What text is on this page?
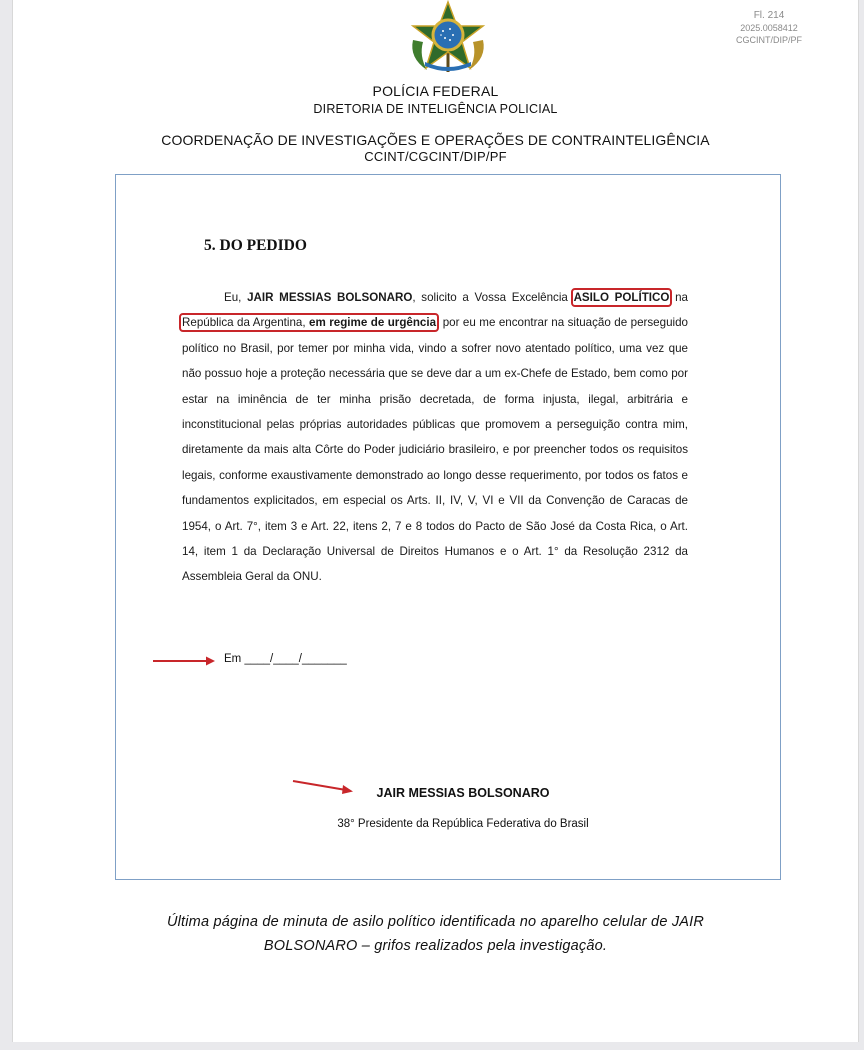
Fl. 214
2025.0058412
CGCINT/DIP/PF
POLÍCIA FEDERAL
DIRETORIA DE INTELIGÊNCIA POLICIAL
COORDENAÇÃO DE INVESTIGAÇÕES E OPERAÇÕES DE CONTRAINTELIGÊNCIA
CCINT/CGCINT/DIP/PF
5. DO PEDIDO
Eu, JAIR MESSIAS BOLSONARO, solicito a Vossa Excelência ASILO POLÍTICO na República da Argentina, em regime de urgência, por eu me encontrar na situação de perseguido político no Brasil, por temer por minha vida, vindo a sofrer novo atentado político, uma vez que não possuo hoje a proteção necessária que se deve dar a um ex-Chefe de Estado, bem como por estar na iminência de ter minha prisão decretada, de forma injusta, ilegal, arbitrária e inconstitucional pelas próprias autoridades públicas que promovem a perseguição contra mim, diretamente da mais alta Côrte do Poder judiciário brasileiro, e por preencher todos os requisitos legais, conforme exaustivamente demonstrado ao longo desse requerimento, por todos os fatos e fundamentos explicitados, em especial os Arts. II, IV, V, VI e VII da Convenção de Caracas de 1954, o Art. 7°, item 3 e Art. 22, itens 2, 7 e 8 todos do Pacto de São José da Costa Rica, o Art. 14, item 1 da Declaração Universal de Direitos Humanos e o Art. 1° da Resolução 2312 da Assembleia Geral da ONU.
Em ____/____/_______
JAIR MESSIAS BOLSONARO
38° Presidente da República Federativa do Brasil
Última página de minuta de asilo político identificada no aparelho celular de JAIR
BOLSONARO – grifos realizados pela investigação.
